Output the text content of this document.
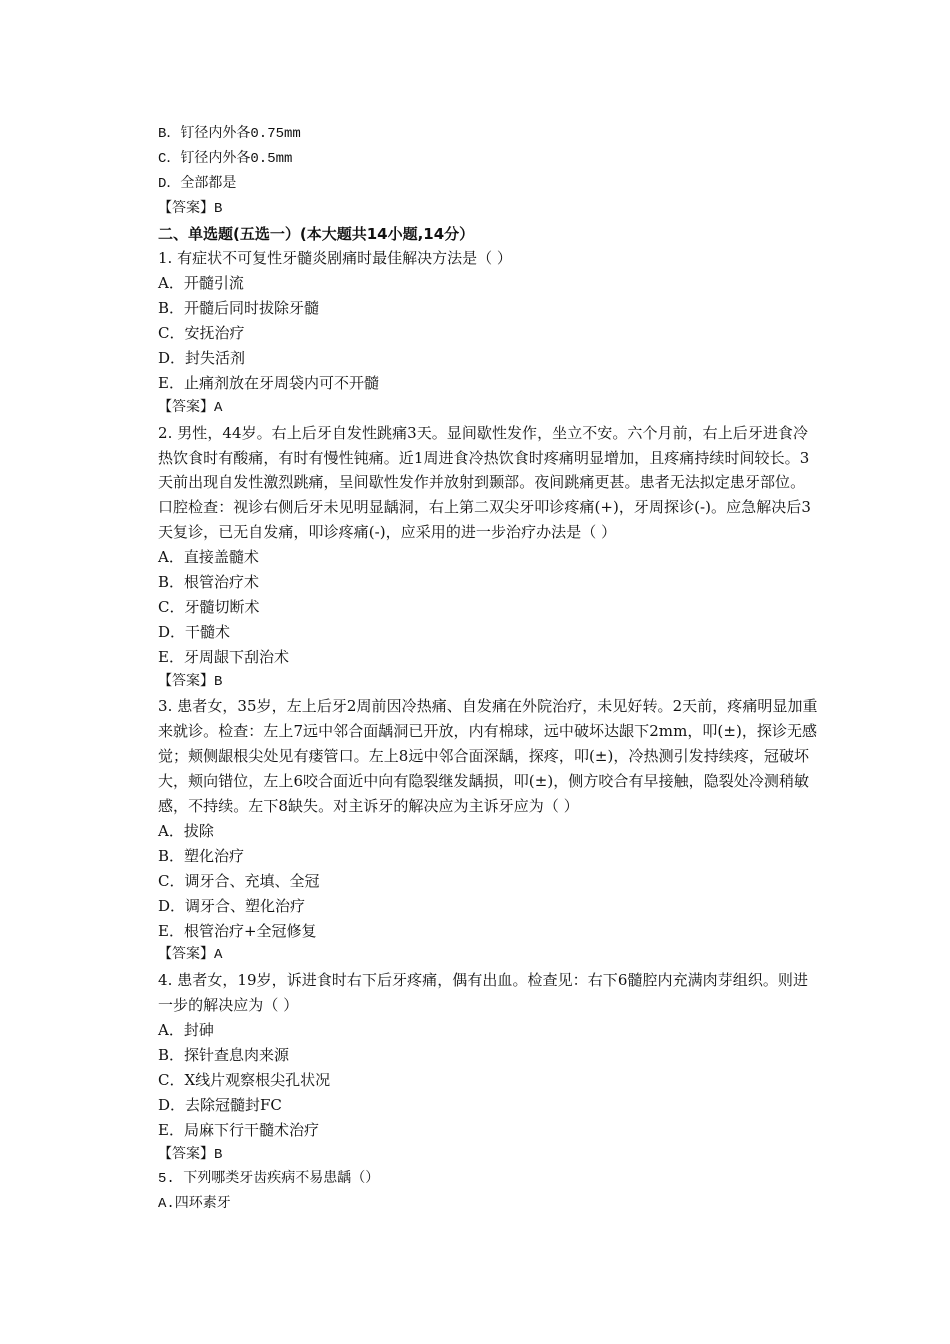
B．钉径内外各0.75mm
C．钉径内外各0.5mm
D．全部都是
【答案】B
二、单选题(五选一）(本大题共14小题,14分）
1. 有症状不可复性牙髓炎剧痛时最佳解决方法是（ ）
A．开髓引流
B．开髓后同时拔除牙髓
C．安抚治疗
D．封失活剂
E．止痛剂放在牙周袋内可不开髓
【答案】A
2. 男性，44岁。右上后牙自发性跳痛3天。显间歇性发作，坐立不安。六个月前，右上后牙进食冷
热饮食时有酸痛，有时有慢性钝痛。近1周进食冷热饮食时疼痛明显增加，且疼痛持续时间较长。3
天前出现自发性激烈跳痛，呈间歇性发作并放射到颞部。夜间跳痛更甚。患者无法拟定患牙部位。
口腔检查：视诊右侧后牙未见明显龋洞，右上第二双尖牙叩诊疼痛(+)，牙周探诊(-)。应急解决后3
天复诊，已无自发痛，叩诊疼痛(-)，应采用的进一步治疗办法是（ ）
A．直接盖髓术
B．根管治疗术
C．牙髓切断术
D．干髓术
E．牙周龈下刮治术
【答案】B
3. 患者女，35岁，左上后牙2周前因冷热痛、自发痛在外院治疗，未见好转。2天前，疼痛明显加重
来就诊。检查：左上7远中邻合面龋洞已开放，内有棉球，远中破坏达龈下2mm，叩(±)，探诊无感
觉；颊侧龈根尖处见有瘘管口。左上8远中邻合面深龋，探疼，叩(±)，冷热测引发持续疼，冠破坏
大，颊向错位，左上6咬合面近中向有隐裂继发龋损，叩(±)，侧方咬合有早接触，隐裂处冷测稍敏
感，不持续。左下8缺失。对主诉牙的解决应为主诉牙应为（ ）
A．拔除
B．塑化治疗
C．调牙合、充填、全冠
D．调牙合、塑化治疗
E．根管治疗+全冠修复
【答案】A
4. 患者女，19岁，诉进食时右下后牙疼痛，偶有出血。检查见：右下6髓腔内充满肉芽组织。则进
一步的解决应为（ ）
A．封砷
B．探针查息肉来源
C．X线片观察根尖孔状况
D．去除冠髓封FC
E．局麻下行干髓术治疗
【答案】B
5. 下列哪类牙齿疾病不易患龋（）
A.四环素牙
